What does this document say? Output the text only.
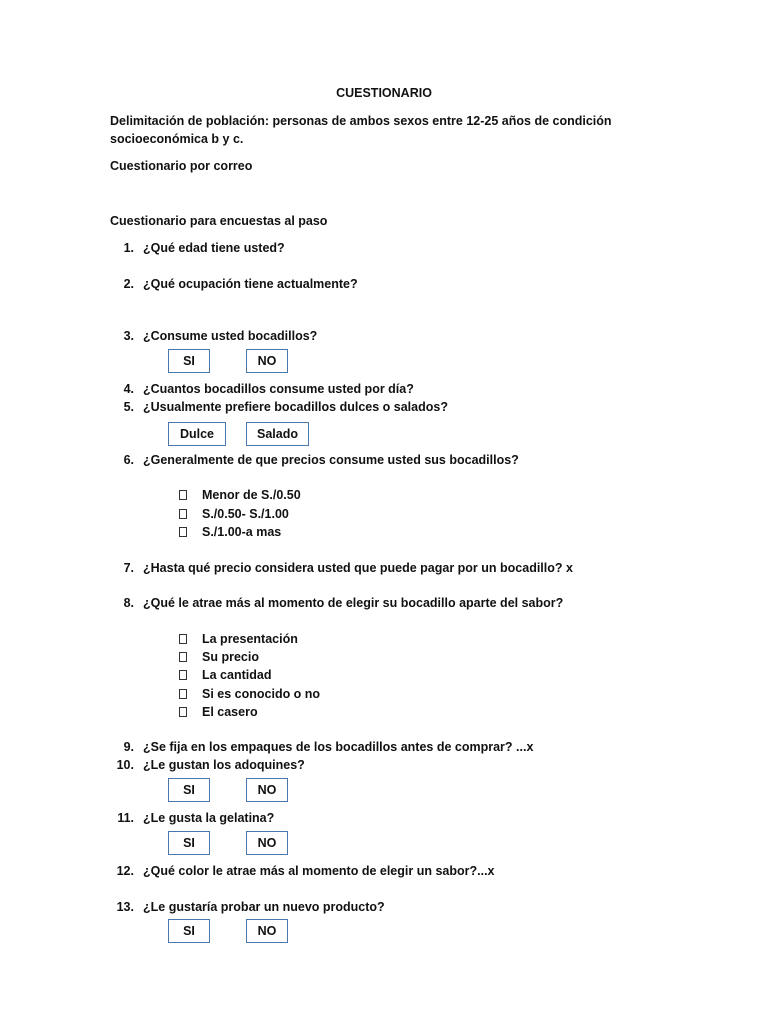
CUESTIONARIO
Delimitación de población: personas de ambos sexos entre 12-25 años de condición
socioeconómica b y c.
Cuestionario por correo
Cuestionario para encuestas al paso
1. ¿Qué edad tiene usted?
2. ¿Qué ocupación tiene actualmente?
3. ¿Consume usted bocadillos?
SI	NO
4. ¿Cuantos bocadillos consume usted por día?
5. ¿Usualmente prefiere bocadillos dulces o salados?
Dulce	Salado
6. ¿Generalmente de que precios consume usted sus bocadillos?
Menor de S./0.50
S./0.50- S./1.00
S./1.00-a mas
7. ¿Hasta qué precio considera usted que puede pagar por un bocadillo? x
8. ¿Qué le atrae más al momento de elegir su bocadillo aparte del sabor?
La presentación
Su precio
La cantidad
Si es conocido o no
El casero
9. ¿Se fija en los empaques de los bocadillos antes de comprar? ...x
10. ¿Le gustan los adoquines?
SI	NO
11. ¿Le gusta la gelatina?
SI	NO
12. ¿Qué color le atrae más al momento de elegir un sabor?...x
13. ¿Le gustaría probar un nuevo producto?
SI	NO
